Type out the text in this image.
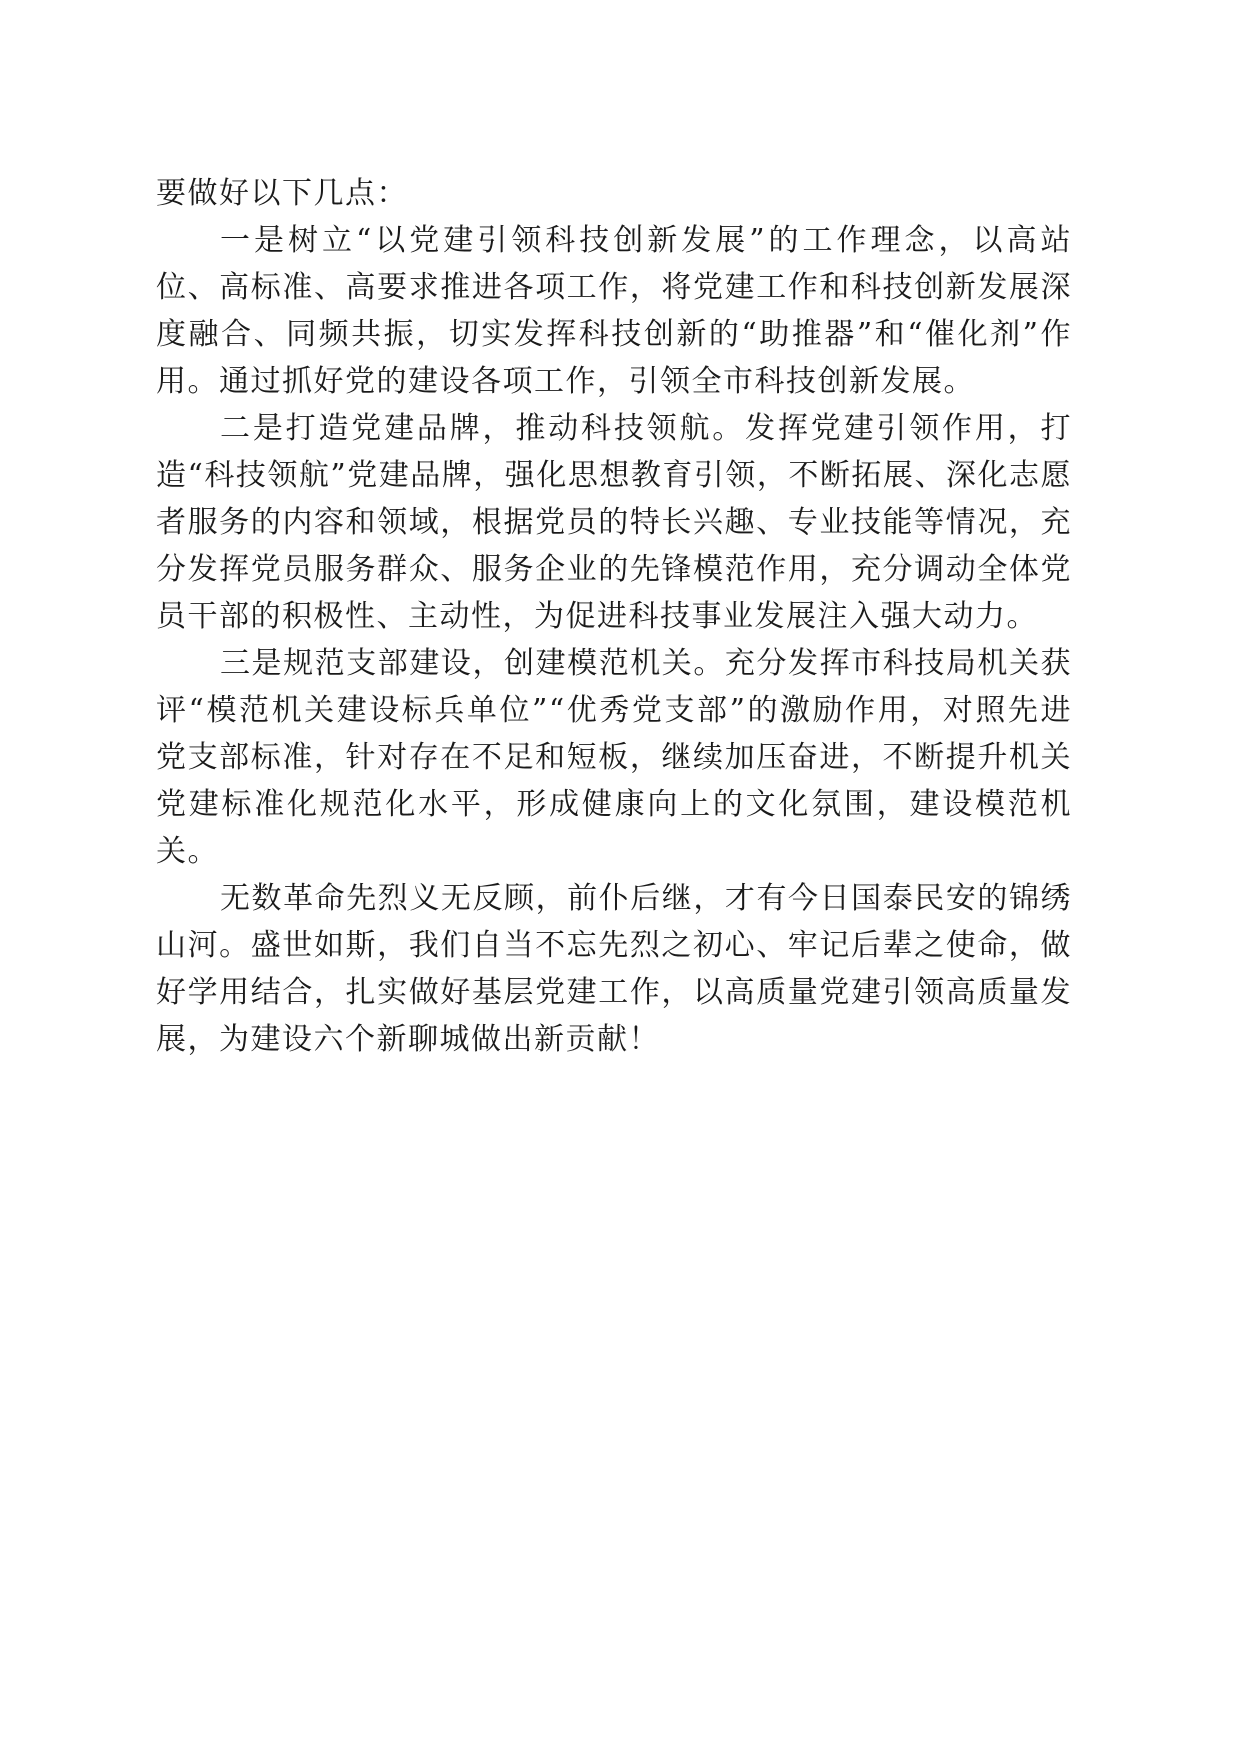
要做好以下几点：

一是树立“以党建引领科技创新发展”的工作理念，以高站位、高标准、高要求推进各项工作，将党建工作和科技创新发展深度融合、同频共振，切实发挥科技创新的“助推器”和“催化剂”作用。通过抓好党的建设各项工作，引领全市科技创新发展。

二是打造党建品牌，推动科技领航。发挥党建引领作用，打造“科技领航”党建品牌，强化思想教育引领，不断拓展、深化志愿者服务的内容和领域，根据党员的特长兴趣、专业技能等情况，充分发挥党员服务群众、服务企业的先锋模范作用，充分调动全体党员干部的积极性、主动性，为促进科技事业发展注入强大动力。

三是规范支部建设，创建模范机关。充分发挥市科技局机关获评“模范机关建设标兵单位”“优秀党支部”的激励作用，对照先进党支部标准，针对存在不足和短板，继续加压奋进，不断提升机关党建标准化规范化水平，形成健康向上的文化氛围，建设模范机关。

无数革命先烈义无反顾，前仆后继，才有今日国泰民安的锦绣山河。盛世如斯，我们自当不忘先烈之初心、牢记后辈之使命，做好学用结合，扎实做好基层党建工作，以高质量党建引领高质量发展，为建设六个新聊城做出新贡献！
